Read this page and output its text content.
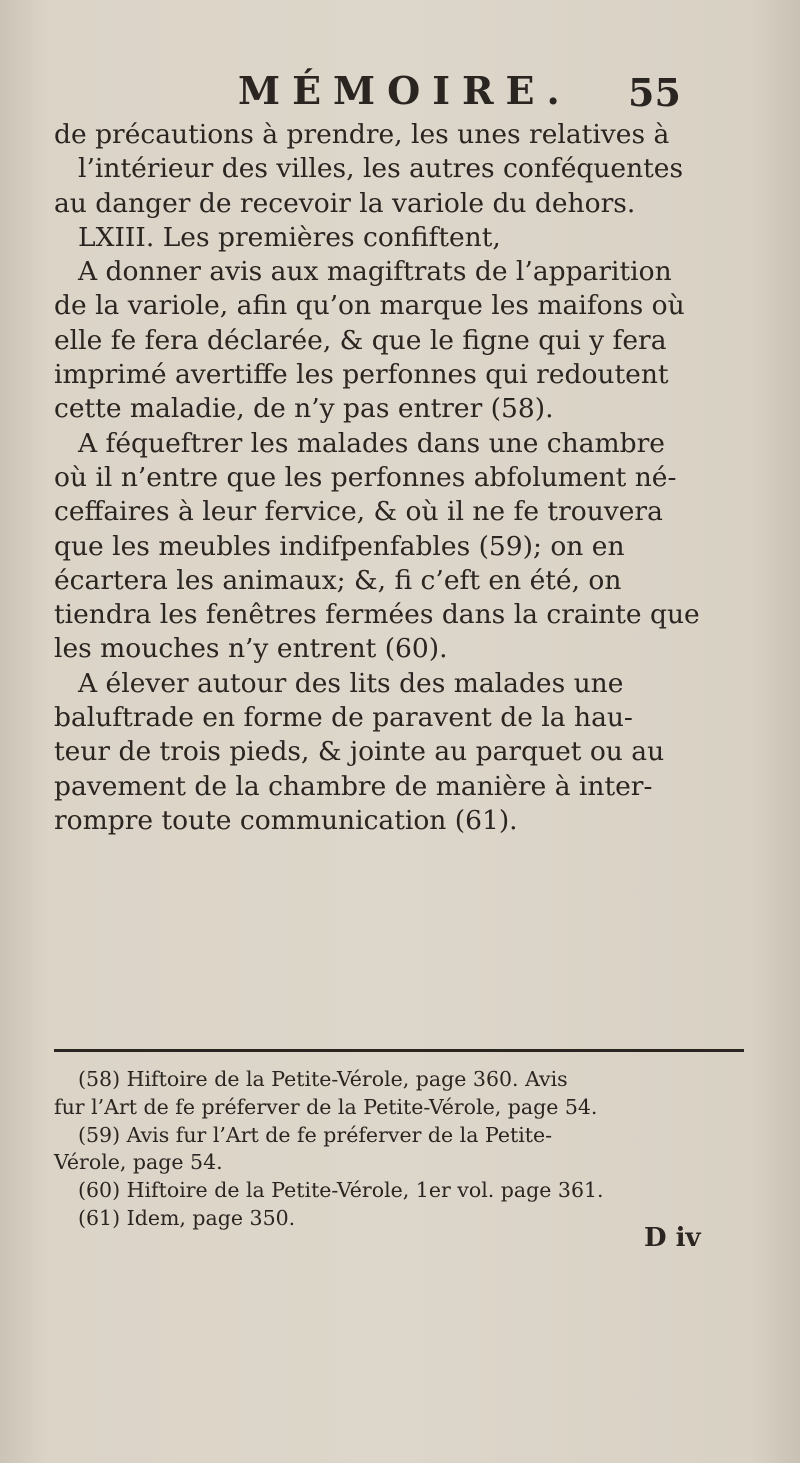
MÉMOIRE. 55
de précautions à prendre, les unes relatives à
l’intérieur des villes, les autres conféquentes
au danger de recevoir la variole du dehors.
LXIII. Les premières confiftent,
A donner avis aux magiftrats de l’apparition
de la variole, afin qu’on marque les maifons où
elle fe fera déclarée, & que le figne qui y fera
imprimé avertiffe les perfonnes qui redoutent
cette maladie, de n’y pas entrer (58).
A féqueftrer les malades dans une chambre
où il n’entre que les perfonnes abfolument né-
ceffaires à leur fervice, & où il ne fe trouvera
que les meubles indifpenfables (59); on en
écartera les animaux; &, fi c’eft en été, on
tiendra les fenêtres fermées dans la crainte que
les mouches n’y entrent (60).
A élever autour des lits des malades une
baluftrade en forme de paravent de la hau-
teur de trois pieds, & jointe au parquet ou au
pavement de la chambre de manière à inter-
rompre toute communication (61).
(58) Hiftoire de la Petite-Vérole, page 360. Avis
fur l’Art de fe préferver de la Petite-Vérole, page 54.
(59) Avis fur l’Art de fe préferver de la Petite-
Vérole, page 54.
(60) Hiftoire de la Petite-Vérole, 1er vol. page 361.
(61) Idem, page 350.
D iv
